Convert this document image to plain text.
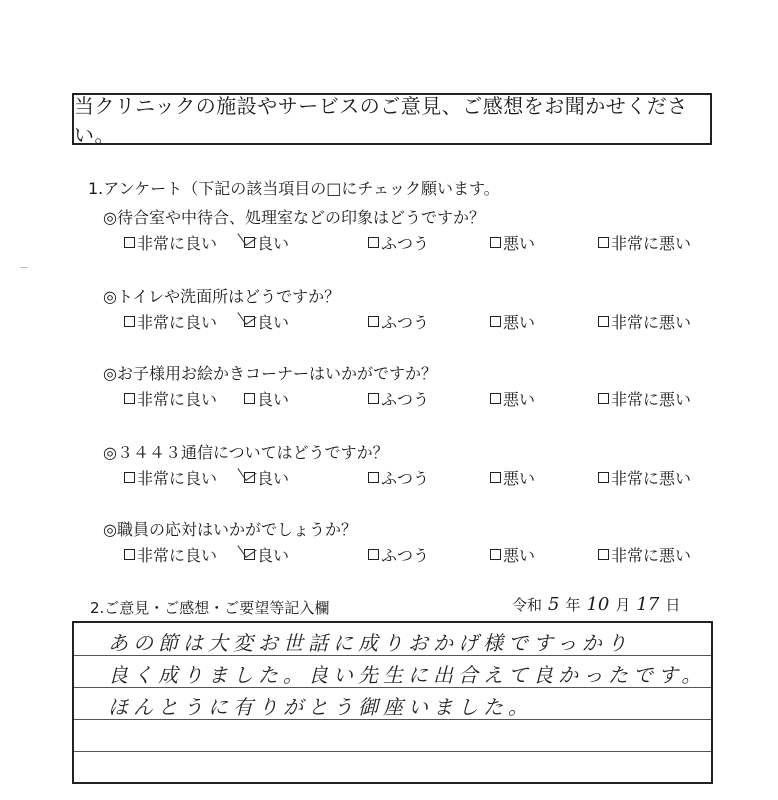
当クリニックの施設やサービスのご意見、ご感想をお聞かせください。
1.アンケート（下記の該当項目の□にチェック願います。
◎待合室や中待合、処理室などの印象はどうですか？
非常に良い 良い	ふつう	悪い	非常に悪い
◎トイレや洗面所はどうですか？
非常に良い 良い	ふつう	悪い	非常に悪い
◎お子様用お絵かきコーナーはいかがですか？
非常に良い 良い	ふつう	悪い	非常に悪い
◎３４４３通信についてはどうですか？
非常に良い 良い	ふつう	悪い	非常に悪い
◎職員の応対はいかがでしょうか？
非常に良い 良い	ふつう	悪い	非常に悪い
2.ご意見・ご感想・ご要望等記入欄	令和 5 年 10 月 17 日
あの節は大変お世話に成りおかげ様ですっかり
良く成りました。良い先生に出合えて良かったです。
ほんとうに有りがとう御座いました。
